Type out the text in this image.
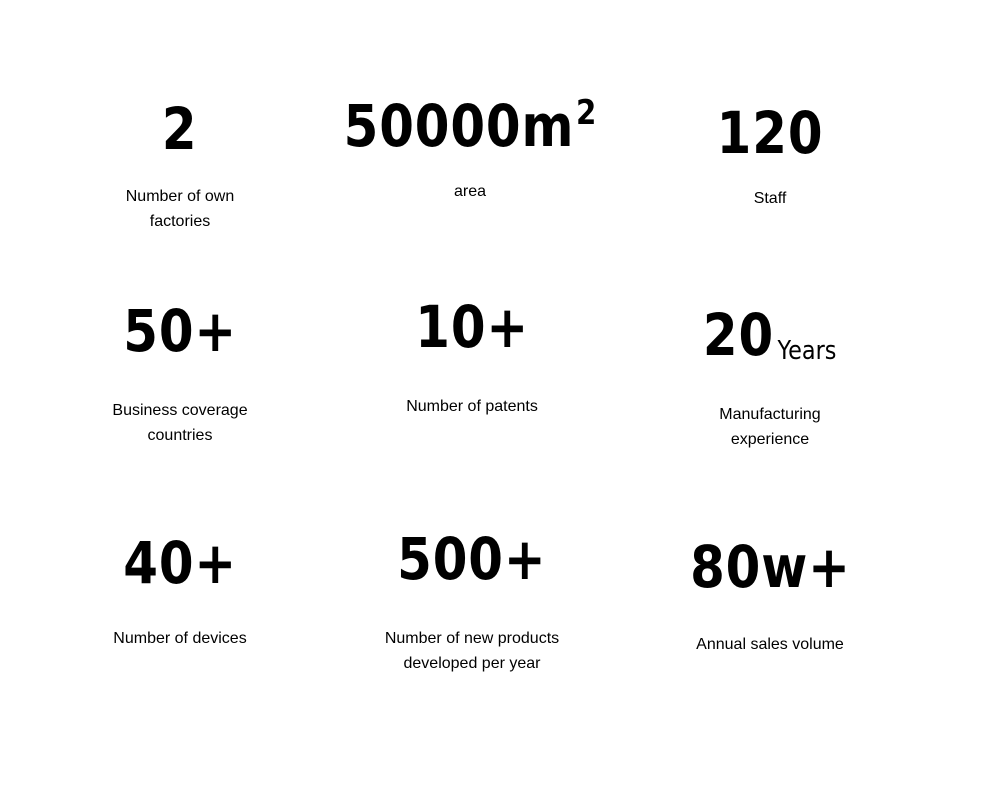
2
Number of own factories
$50000m^2$
area
120
Staff
50+
Business coverage countries
10+
Number of patents
20 Years
Manufacturing experience
40+
Number of devices
500+
Number of new products developed per year
80w+
Annual sales volume
